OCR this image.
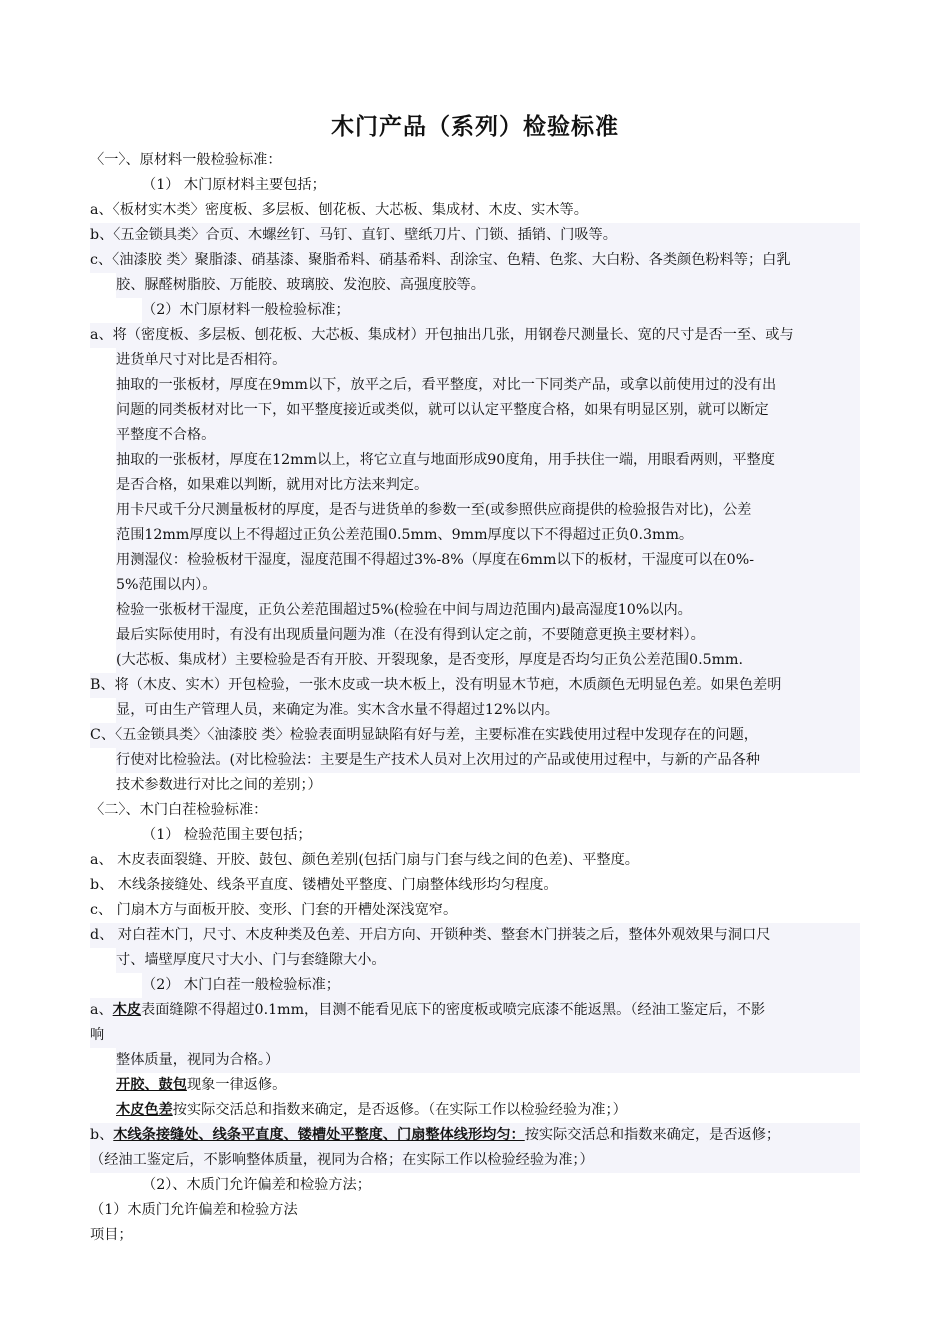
木门产品（系列）检验标准
〈一〉、原材料一般检验标准：
（1） 木门原材料主要包括；
a、〈板材实木类〉密度板、多层板、刨花板、大芯板、集成材、木皮、实木等。
b、〈五金锁具类〉合页、木螺丝钉、马钉、直钉、壁纸刀片、门锁、插销、门吸等。
c、〈油漆胶 类〉聚脂漆、硝基漆、聚脂希料、硝基希料、刮涂宝、色精、色浆、大白粉、各类颜色粉料等；白乳
胶、脲醛树脂胶、万能胶、玻璃胶、发泡胶、高强度胶等。
（2）木门原材料一般检验标准；
a、将（密度板、多层板、刨花板、大芯板、集成材）开包抽出几张，用钢卷尺测量长、宽的尺寸是否一至、或与
进货单尺寸对比是否相符。
抽取的一张板材，厚度在9mm以下，放平之后，看平整度，对比一下同类产品，或拿以前使用过的没有出
问题的同类板材对比一下，如平整度接近或类似，就可以认定平整度合格，如果有明显区别，就可以断定
平整度不合格。
抽取的一张板材，厚度在12mm以上，将它立直与地面形成90度角，用手扶住一端，用眼看两则，平整度
是否合格，如果难以判断，就用对比方法来判定。
用卡尺或千分尺测量板材的厚度，是否与进货单的参数一至(或参照供应商提供的检验报告对比)，公差
范围12mm厚度以上不得超过正负公差范围0.5mm、9mm厚度以下不得超过正负0.3mm。
用测湿仪：检验板材干湿度，湿度范围不得超过3%-8%（厚度在6mm以下的板材，干湿度可以在0%-
5%范围以内）。
检验一张板材干湿度，正负公差范围超过5%(检验在中间与周边范围内)最高湿度10%以内。
最后实际使用时，有没有出现质量问题为准（在没有得到认定之前，不要随意更换主要材料）。
(大芯板、集成材）主要检验是否有开胶、开裂现象，是否变形，厚度是否均匀正负公差范围0.5mm.
B、将（木皮、实木）开包检验，一张木皮或一块木板上，没有明显木节疤，木质颜色无明显色差。如果色差明
显，可由生产管理人员，来确定为准。实木含水量不得超过12%以内。
C、〈五金锁具类〉〈油漆胶 类〉检验表面明显缺陷有好与差，主要标准在实践使用过程中发现存在的问题，
行使对比检验法。(对比检验法：主要是生产技术人员对上次用过的产品或使用过程中，与新的产品各种
技术参数进行对比之间的差别；）
〈二〉、木门白茬检验标准：
（1） 检验范围主要包括；
a、 木皮表面裂缝、开胶、鼓包、颜色差别(包括门扇与门套与线之间的色差)、平整度。
b、 木线条接缝处、线条平直度、镂槽处平整度、门扇整体线形均匀程度。
c、 门扇木方与面板开胶、变形、门套的开槽处深浅宽窄。
d、 对白茬木门，尺寸、木皮种类及色差、开启方向、开锁种类、整套木门拼装之后，整体外观效果与洞口尺
寸、墙壁厚度尺寸大小、门与套缝隙大小。
（2） 木门白茬一般检验标准；
a、木皮表面缝隙不得超过0.1mm，目测不能看见底下的密度板或喷完底漆不能返黑。（经油工鉴定后，不影
响
整体质量，视同为合格。）
开胶、鼓包现象一律返修。
木皮色差按实际交活总和指数来确定，是否返修。（在实际工作以检验经验为准；）
b、木线条接缝处、线条平直度、镂槽处平整度、门扇整体线形均匀：按实际交活总和指数来确定，是否返修；
（经油工鉴定后，不影响整体质量，视同为合格；在实际工作以检验经验为准；）
（2）、木质门允许偏差和检验方法；
（1）木质门允许偏差和检验方法
项目；
